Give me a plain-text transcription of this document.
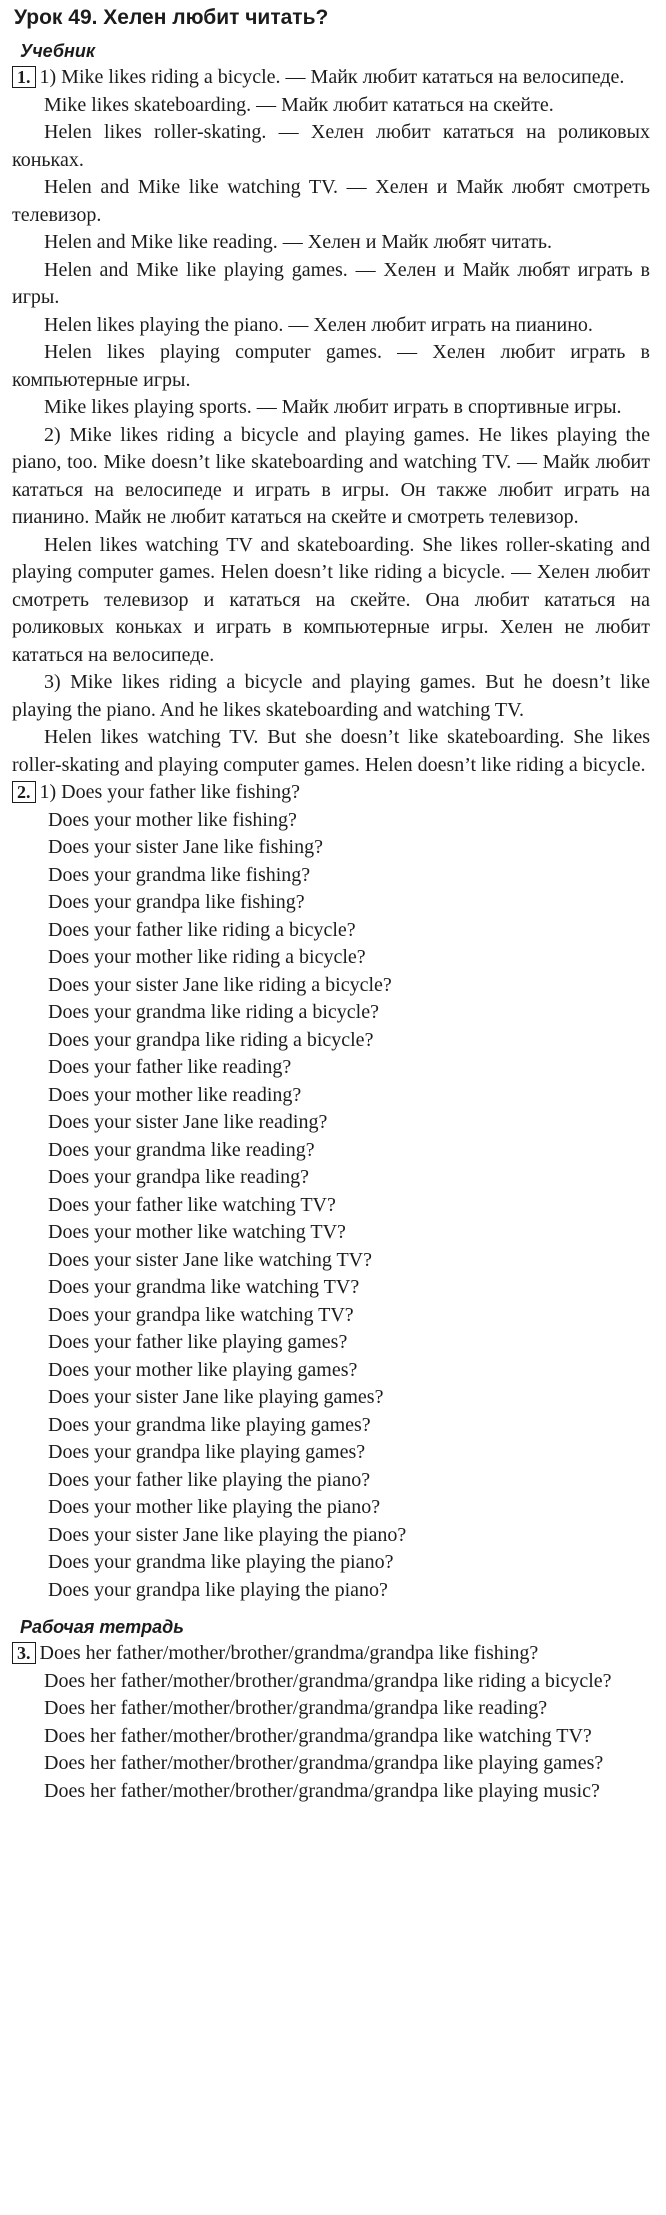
Урок 49. Хелен любит читать?
Учебник

1. 1) Mike likes riding a bicycle. — Майк любит кататься на велосипеде.

Mike likes skateboarding. — Майк любит кататься на скейте.

Helen likes roller-skating. — Хелен любит кататься на роликовых коньках.

Helen and Mike like watching TV. — Хелен и Майк любят смотреть телевизор.

Helen and Mike like reading. — Хелен и Майк любят читать.

Helen and Mike like playing games. — Хелен и Майк любят играть в игры.

Helen likes playing the piano. — Хелен любит играть на пианино.

Helen likes playing computer games. — Хелен любит играть в компьютерные игры.

Mike likes playing sports. — Майк любит играть в спортивные игры.

2) Mike likes riding a bicycle and playing games. He likes playing the piano, too. Mike doesn’t like skateboarding and watching TV. — Майк любит кататься на велосипеде и играть в игры. Он также любит играть на пианино. Майк не любит кататься на скейте и смотреть телевизор.

Helen likes watching TV and skateboarding. She likes roller-skating and playing computer games. Helen doesn’t like riding a bicycle. — Хелен любит смотреть телевизор и кататься на скейте. Она любит кататься на роликовых коньках и играть в компьютерные игры. Хелен не любит кататься на велосипеде.

3) Mike likes riding a bicycle and playing games. But he doesn’t like playing the piano. And he likes skateboarding and watching TV.

Helen likes watching TV. But she doesn’t like skateboarding. She likes roller-skating and playing computer games. Helen doesn’t like riding a bicycle.

2. 1) Does your father like fishing?
Does your mother like fishing?
Does your sister Jane like fishing?
Does your grandma like fishing?
Does your grandpa like fishing?
Does your father like riding a bicycle?
Does your mother like riding a bicycle?
Does your sister Jane like riding a bicycle?
Does your grandma like riding a bicycle?
Does your grandpa like riding a bicycle?
Does your father like reading?
Does your mother like reading?
Does your sister Jane like reading?
Does your grandma like reading?
Does your grandpa like reading?
Does your father like watching TV?
Does your mother like watching TV?
Does your sister Jane like watching TV?
Does your grandma like watching TV?
Does your grandpa like watching TV?
Does your father like playing games?
Does your mother like playing games?
Does your sister Jane like playing games?
Does your grandma like playing games?
Does your grandpa like playing games?
Does your father like playing the piano?
Does your mother like playing the piano?
Does your sister Jane like playing the piano?
Does your grandma like playing the piano?
Does your grandpa like playing the piano?
Рабочая тетрадь

3. Does her father/mother/brother/grandma/grandpa like fishing?

Does her father/mother/brother/grandma/grandpa like riding a bicycle?

Does her father/mother/brother/grandma/grandpa like reading?

Does her father/mother/brother/grandma/grandpa like watching TV?

Does her father/mother/brother/grandma/grandpa like playing games?

Does her father/mother/brother/grandma/grandpa like playing music?
